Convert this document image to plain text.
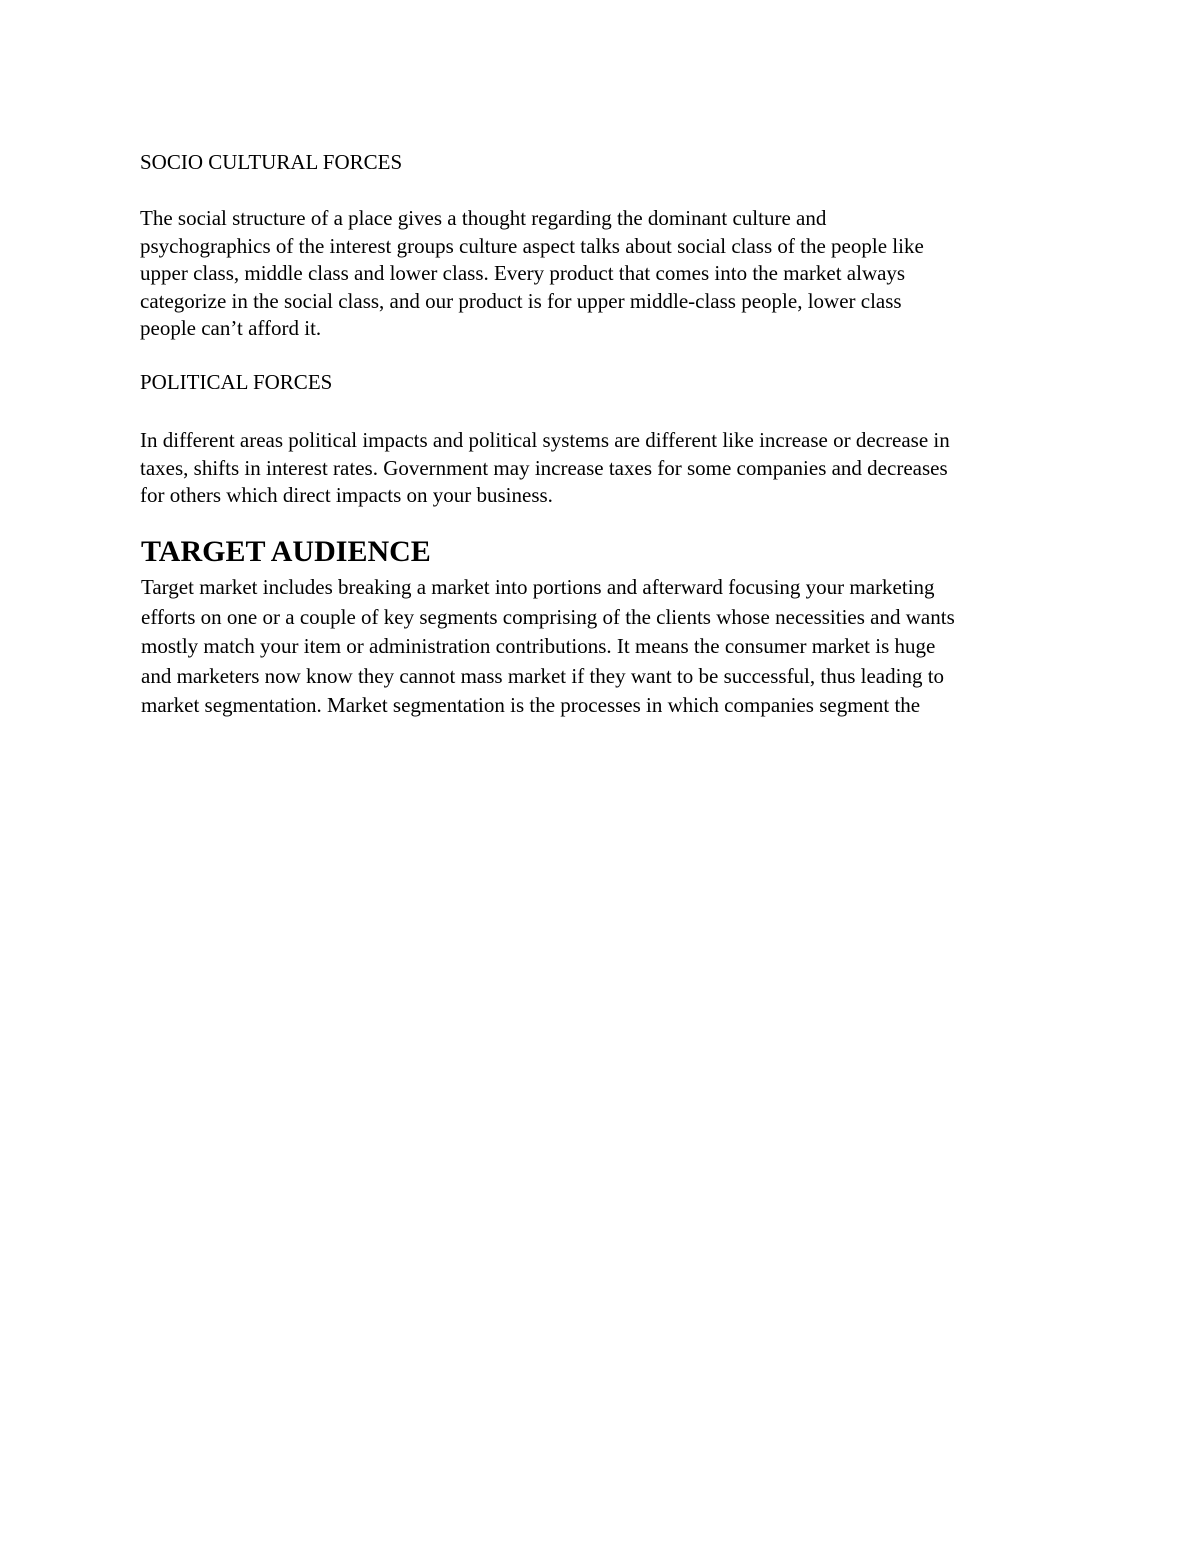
SOCIO CULTURAL FORCES
The social structure of a place gives a thought regarding the dominant culture and
psychographics of the interest groups culture aspect talks about social class of the people like
upper class, middle class and lower class. Every product that comes into the market always
categorize in the social class, and our product is for upper middle-class people, lower class
people can’t afford it.
POLITICAL FORCES
In different areas political impacts and political systems are different like increase or decrease in
taxes, shifts in interest rates. Government may increase taxes for some companies and decreases
for others which direct impacts on your business.
TARGET AUDIENCE
Target market includes breaking a market into portions and afterward focusing your marketing
efforts on one or a couple of key segments comprising of the clients whose necessities and wants
mostly match your item or administration contributions. It means the consumer market is huge
and marketers now know they cannot mass market if they want to be successful, thus leading to
market segmentation. Market segmentation is the processes in which companies segment the
